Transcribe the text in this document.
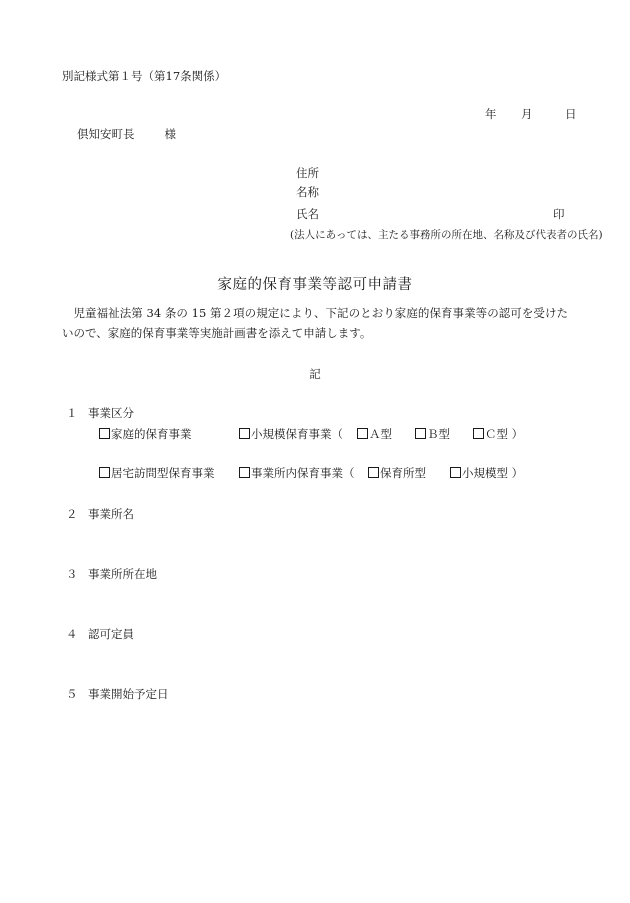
別記様式第１号（第17条関係）
年 月	日
倶知安町長	様
住所
名称
氏名	印
(法人にあっては、主たる事務所の所在地、名称及び代表者の氏名)
家庭的保育事業等認可申請書
児童福祉法第 34 条の 15 第２項の規定により、下記のとおり家庭的保育事業等の認可を受けたいので、家庭的保育事業等実施計画書を添えて申請します。
記
１ 事業区分
家庭的保育事業	小規模保育事業（ Ａ型	Ｂ型	Ｃ型 ）
居宅訪問型保育事業	事業所内保育事業（ 保育所型	小規模型 ）
２ 事業所名
３ 事業所所在地
４ 認可定員
５ 事業開始予定日
